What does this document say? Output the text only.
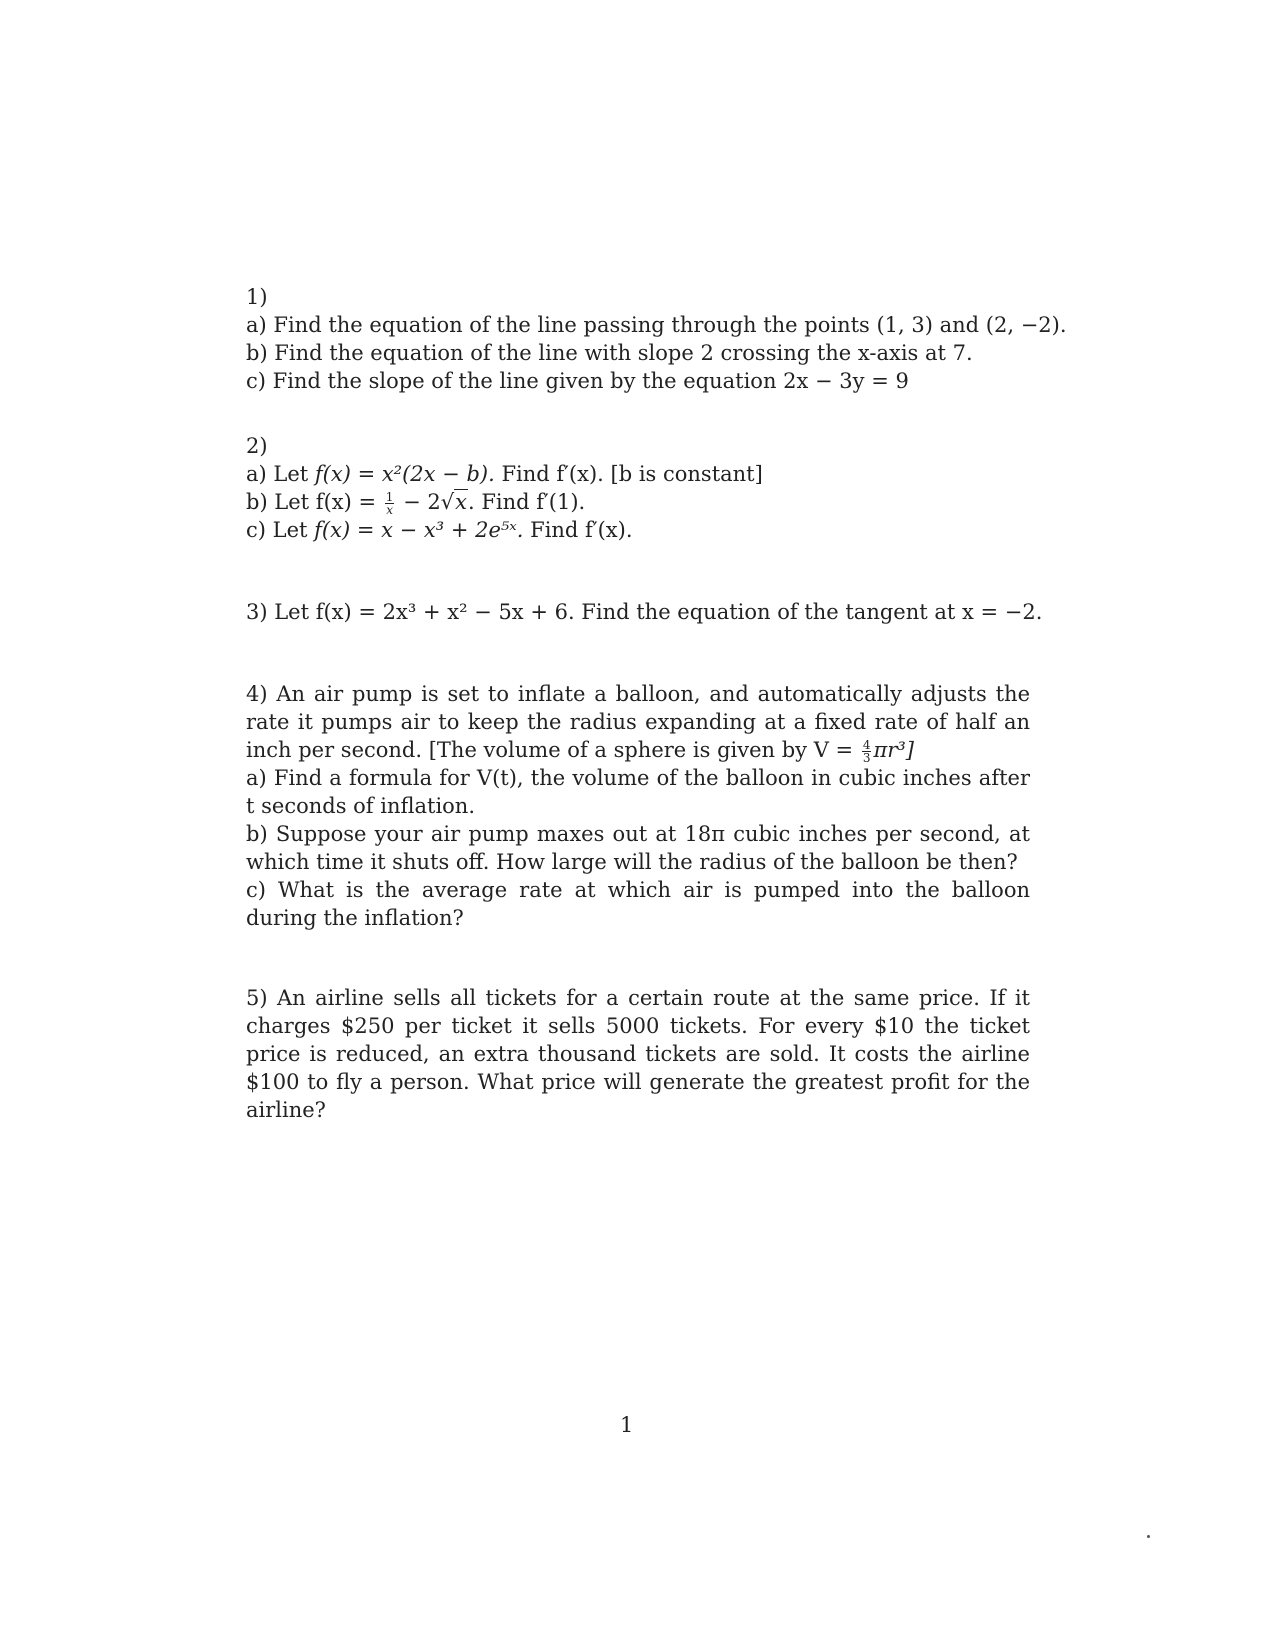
1)
a) Find the equation of the line passing through the points (1, 3) and (2, −2).
b) Find the equation of the line with slope 2 crossing the x-axis at 7.
c) Find the slope of the line given by the equation 2x − 3y = 9
2)
a) Let f(x) = x²(2x − b). Find f′(x). [b is constant]
b) Let $f(x) = \frac{1}{x} - 2√x$. Find f′(1).
c) Let f(x) = x − x³ + 2e⁵ˣ. Find f′(x).
3) Let f(x) = 2x³ + x² − 5x + 6. Find the equation of the tangent at x = −2.
4) An air pump is set to inflate a balloon, and automatically adjusts the rate it pumps air to keep the radius expanding at a fixed rate of half an inch per second. [The volume of a sphere is given by $V = \frac{4}{3} \pi r^3$]
a) Find a formula for V(t), the volume of the balloon in cubic inches after t seconds of inflation.
b) Suppose your air pump maxes out at 18π cubic inches per second, at which time it shuts off. How large will the radius of the balloon be then?
c) What is the average rate at which air is pumped into the balloon during the inflation?
5) An airline sells all tickets for a certain route at the same price. If it charges $250 per ticket it sells 5000 tickets. For every $10 the ticket price is reduced, an extra thousand tickets are sold. It costs the airline $100 to fly a person. What price will generate the greatest profit for the airline?
1
